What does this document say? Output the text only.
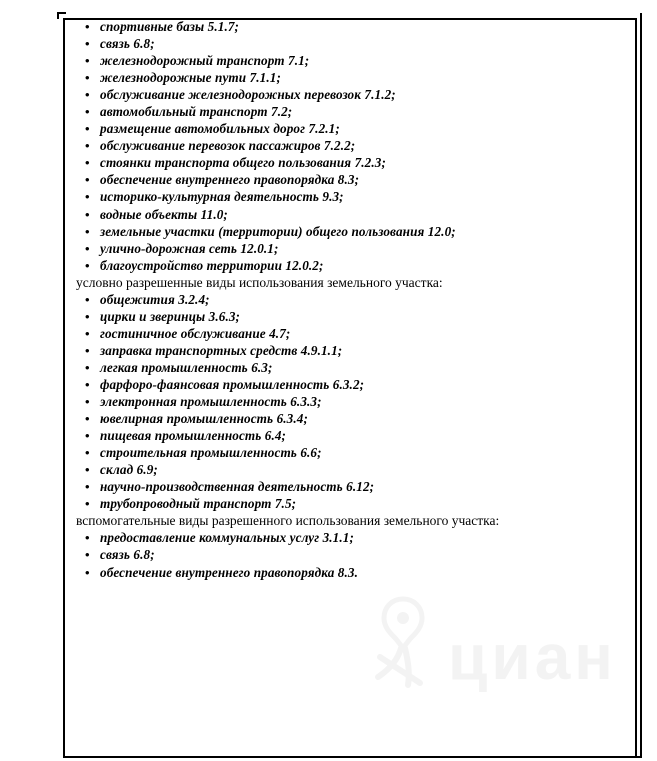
• спортивные базы 5.1.7;
• связь 6.8;
• железнодорожный транспорт 7.1;
• железнодорожные пути 7.1.1;
• обслуживание железнодорожных перевозок 7.1.2;
• автомобильный транспорт 7.2;
• размещение автомобильных дорог 7.2.1;
• обслуживание перевозок пассажиров 7.2.2;
• стоянки транспорта общего пользования 7.2.3;
• обеспечение внутреннего правопорядка 8.3;
• историко-культурная деятельность 9.3;
• водные объекты 11.0;
• земельные участки (территории) общего пользования 12.0;
• улично-дорожная сеть 12.0.1;
• благоустройство территории 12.0.2;
условно разрешенные виды использования земельного участка:
• общежития 3.2.4;
• цирки и зверинцы 3.6.3;
• гостиничное обслуживание 4.7;
• заправка транспортных средств 4.9.1.1;
• легкая промышленность 6.3;
• фарфоро-фаянсовая промышленность 6.3.2;
• электронная промышленность 6.3.3;
• ювелирная промышленность 6.3.4;
• пищевая промышленность 6.4;
• строительная промышленность 6.6;
• склад 6.9;
• научно-производственная деятельность 6.12;
• трубопроводный транспорт 7.5;
вспомогательные виды разрешенного использования земельного участка:
• предоставление коммунальных услуг 3.1.1;
• связь 6.8;
• обеспечение внутреннего правопорядка 8.3.
циан
